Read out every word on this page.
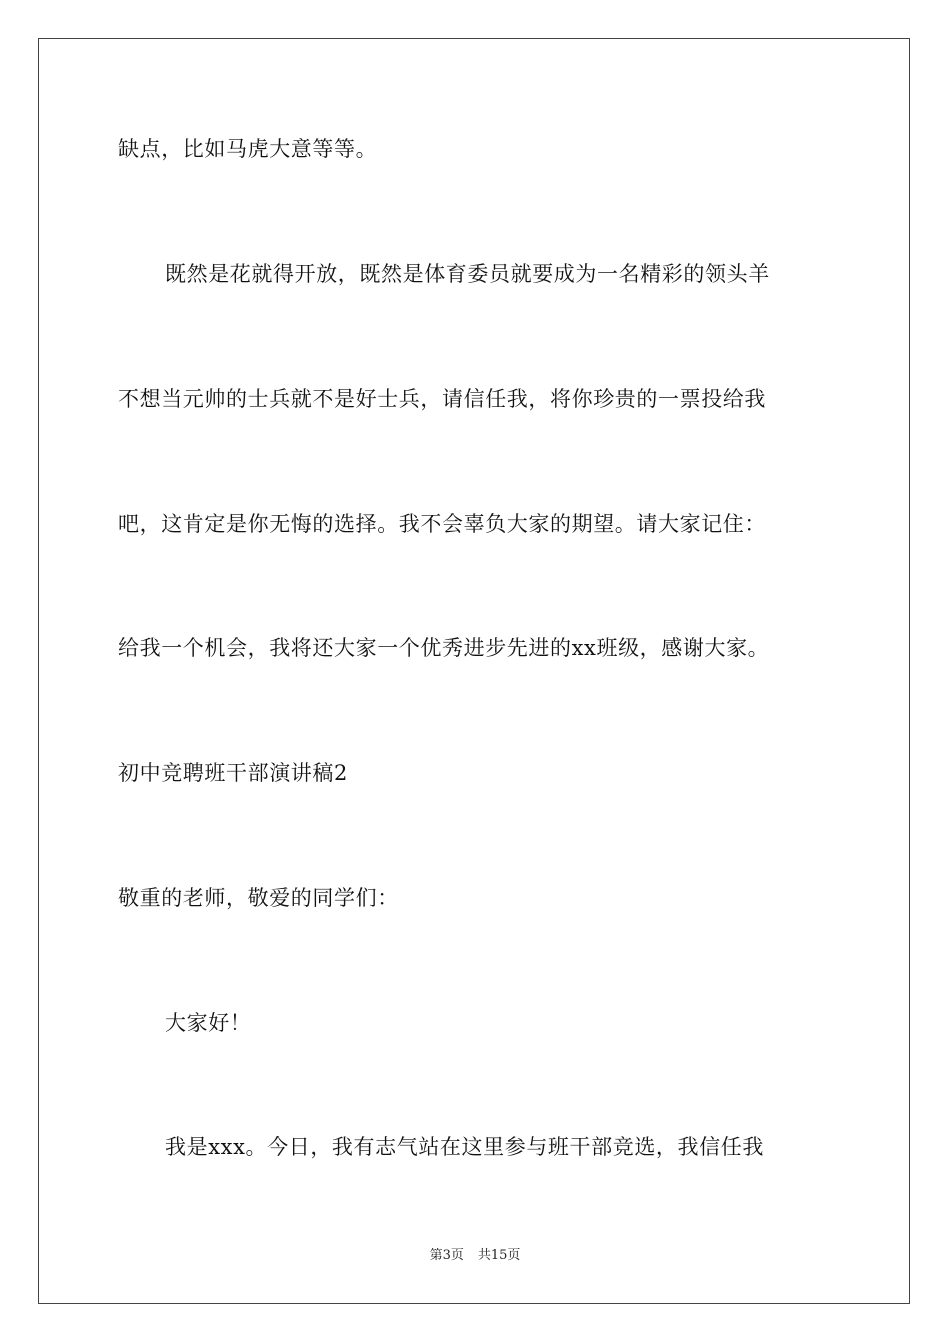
缺点，比如马虎大意等等。
既然是花就得开放，既然是体育委员就要成为一名精彩的领头羊
不想当元帅的士兵就不是好士兵，请信任我，将你珍贵的一票投给我
吧，这肯定是你无悔的选择。我不会辜负大家的期望。请大家记住：
给我一个机会，我将还大家一个优秀进步先进的xx班级，感谢大家。
初中竞聘班干部演讲稿2
敬重的老师，敬爱的同学们：
大家好！
我是xxx。今日，我有志气站在这里参与班干部竞选，我信任我
第3页 共15页
